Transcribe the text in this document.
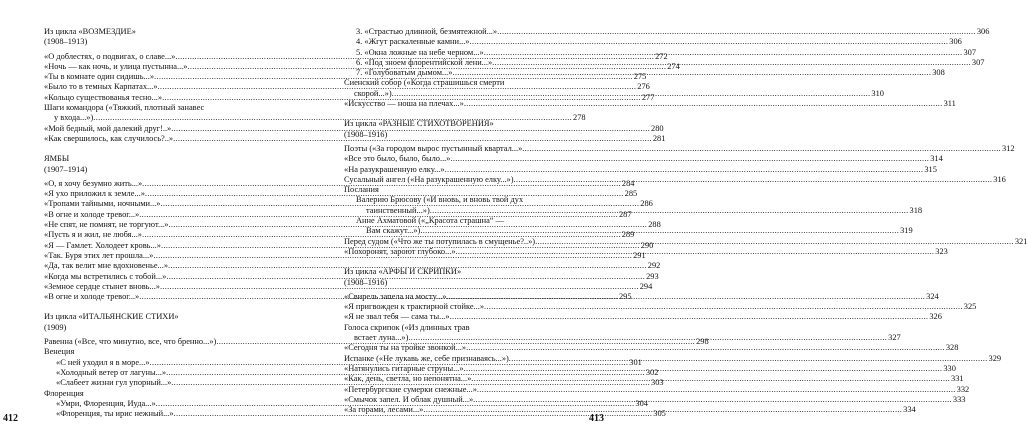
Из цикла «ВОЗМЕЗДИЕ»
(1908–1913)
«О доблестях, о подвигах, о славе...» .....	272
«Ночь — как ночь, и улица пустынна...» .....	274
«Ты в комнате один сидишь...» .....	275
«Было то в темных Карпатах...» .....	276
«Кольцо существованья тесно...» .....	277
Шаги командора («Тяжкий, плотный занавес
у входа...») .....	278
«Мой бедный, мой далекий друг!..» .....	280
«Как свершилось, как случилось?..» .....	281
ЯМБЫ
(1907–1914)
«О, я хочу безумно жить...» .....	284
«Я ухо приложил к земле...» .....	285
«Тропами тайными, ночными...» .....	286
«В огне и холоде тревог...» .....	287
«Не спят, не помнят, не торгуют...» .....	288
«Пусть я и жил, не любя...» .....	289
«Я — Гамлет. Холодеет кровь...» .....	290
«Так. Буря этих лет прошла...» .....	291
«Да, так велит мне вдохновенье...» .....	292
«Когда мы встретились с тобой...» .....	293
«Земное сердце стынет вновь...» .....	294
«В огне и холоде тревог...» .....	295
Из цикла «ИТАЛЬЯНСКИЕ СТИХИ»
(1909)
Равенна («Все, что минутно, все, что бренно...») .....	298
Венеция
«С ней уходил я в море...» .....	301
«Холодный ветер от лагуны...» .....	302
«Слабеет жизни гул упорный...» .....	303
Флоренция
«Умри, Флоренция, Иуда...» .....	304
«Флоренция, ты ирис нежный...» .....	305
412
3. «Страстью длинной, безмятежной...» .....	306
4. «Жгут раскаленные камни...» .....	306
5. «Окна ложные на небе черном...» .....	307
6. «Под зноем флорентийской лени...» .....	307
7. «Голубоватым дымом...» .....	308
Сиенский собор («Когда страшишься смерти
скорой...») .....	310
«Искусство — ноша на плечах...» .....	311
Из цикла «РАЗНЫЕ СТИХОТВОРЕНИЯ»
(1908–1916)
Поэты («За городом вырос пустынный квартал...» .....	312
«Все это было, было, было...» .....	314
«На разукрашенную елку...» .....	315
Сусальный ангел («На разукрашенную елку...») .....	316
Послания
Валерию Брюсову («И вновь, и вновь твой дух
таинственный...») .....	318
Анне Ахматовой («„Красота страшна“ —
Вам скажут...») .....	319
Перед судом («Что же ты потупилась в смущенье?..») .....	321
«Похоронят, зароют глубоко...» .....	323
Из цикла «АРФЫ И СКРИПКИ»
(1908–1916)
«Свирель запела на мосту...» .....	324
«Я пригвожден к трактирной стойке...» .....	325
«Я не звал тебя — сама ты...» .....	326
Голоса скрипок («Из длинных трав
встает луна...») .....	327
«Сегодня ты на тройке звонкой...» .....	328
Испанке («Не лукавь же, себе признаваясь...») .....	329
«Натянулись гитарные струны...» .....	330
«Как, день, светла, но непонятна...» .....	331
«Петербургские сумерки снежные...» .....	332
«Смычок запел. И облак душный...» .....	333
«За горами, лесами...» .....	334
413
